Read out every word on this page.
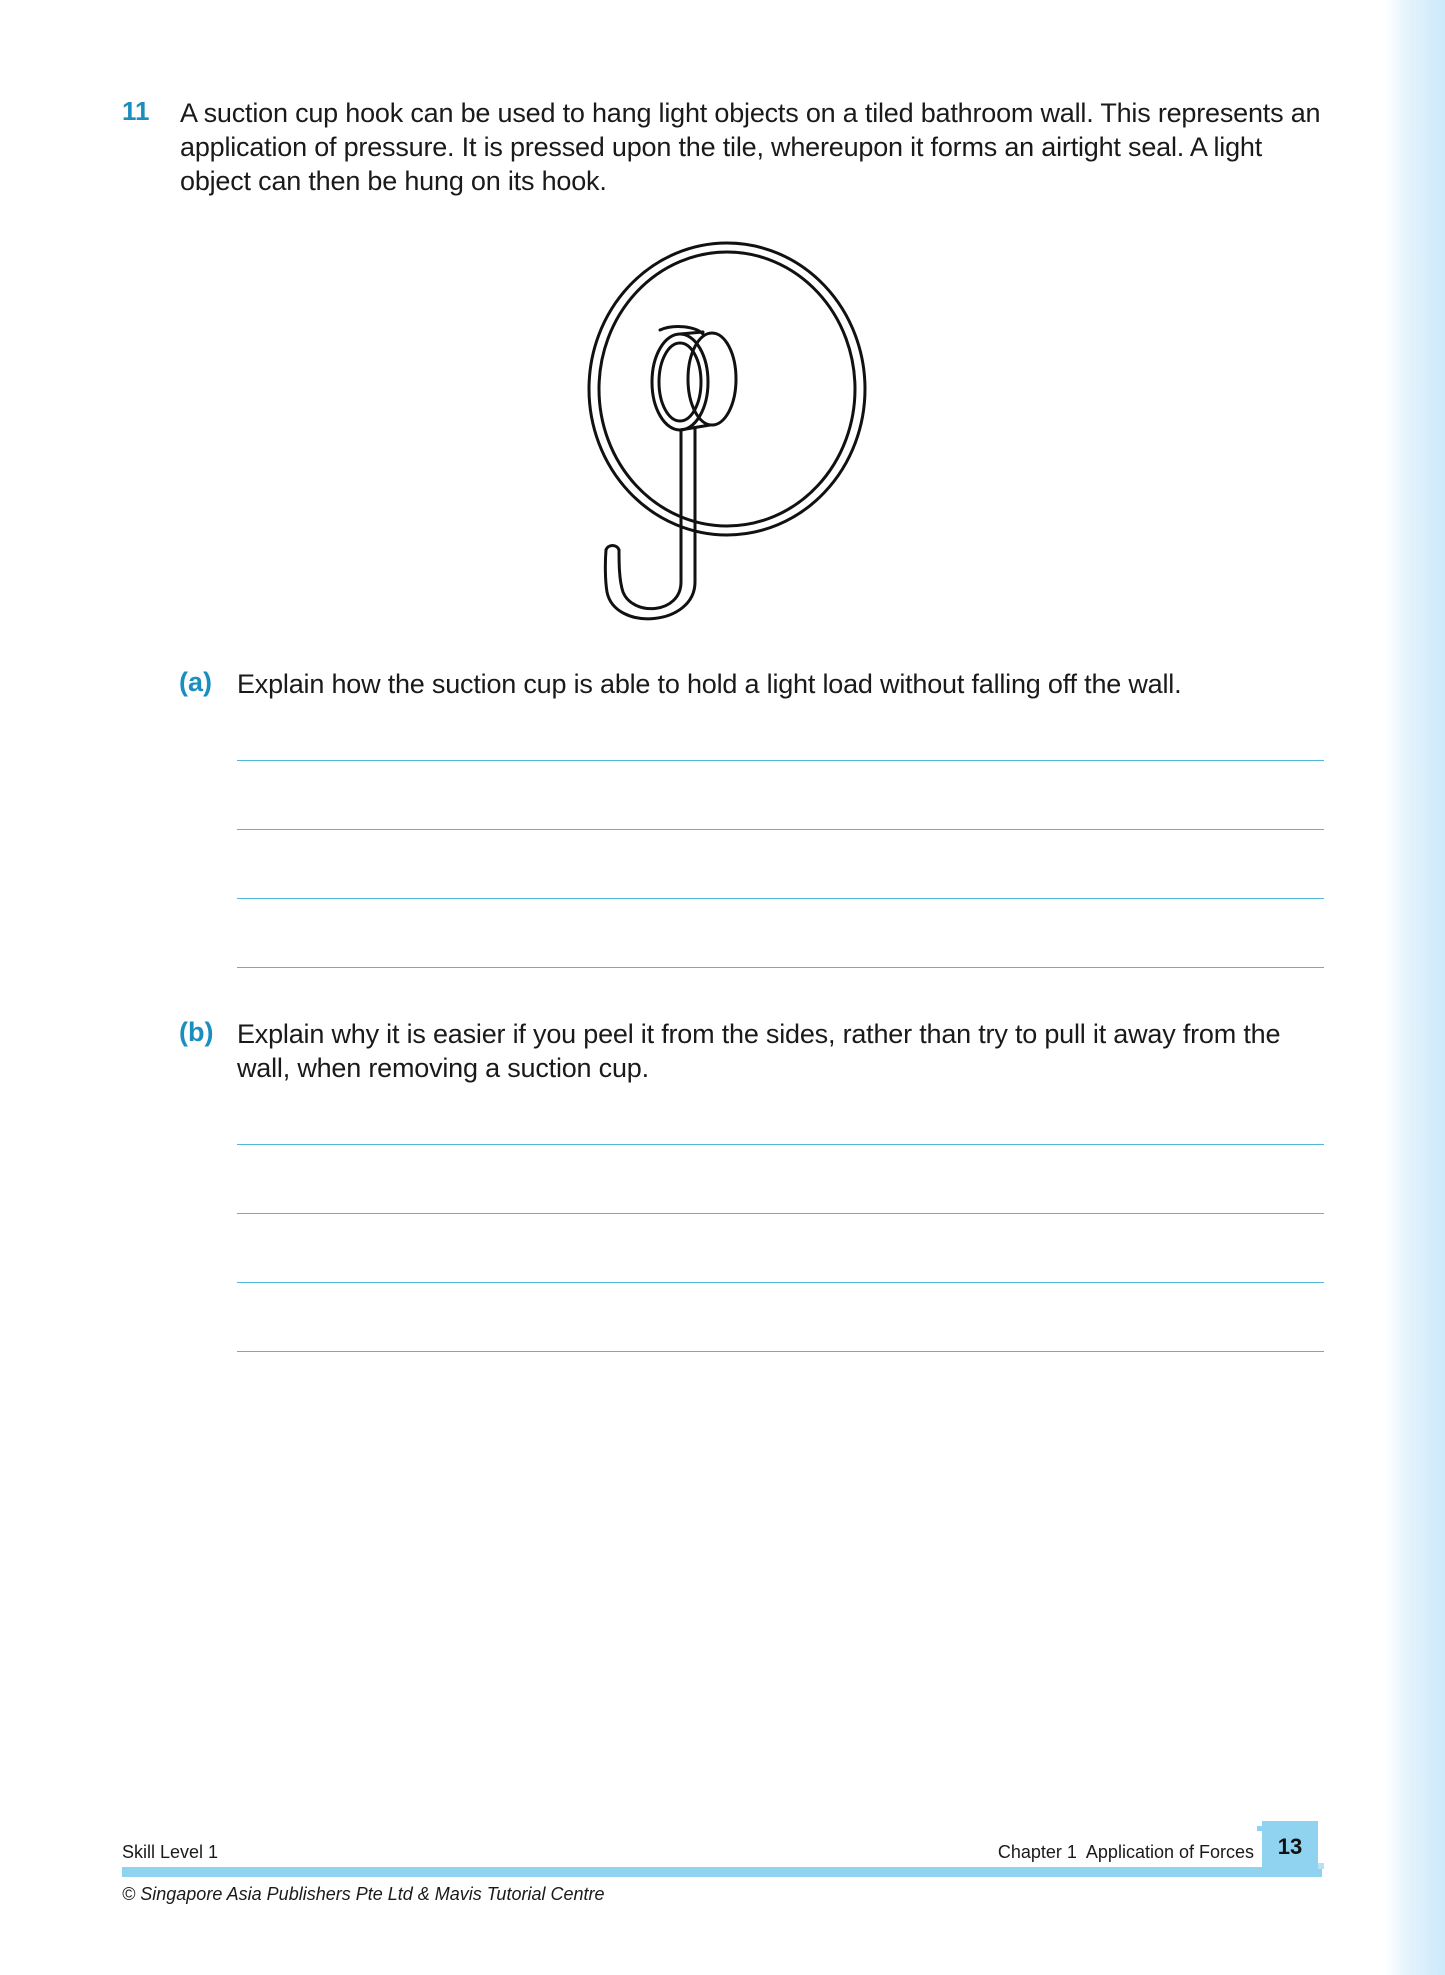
11 A suction cup hook can be used to hang light objects on a tiled bathroom wall. This represents an application of pressure. It is pressed upon the tile, whereupon it forms an airtight seal. A light object can then be hung on its hook.
(a) Explain how the suction cup is able to hold a light load without falling off the wall.
(b) Explain why it is easier if you peel it from the sides, rather than try to pull it away from the wall, when removing a suction cup.
Skill Level 1	Chapter 1  Application of Forces 13
© Singapore Asia Publishers Pte Ltd & Mavis Tutorial Centre
